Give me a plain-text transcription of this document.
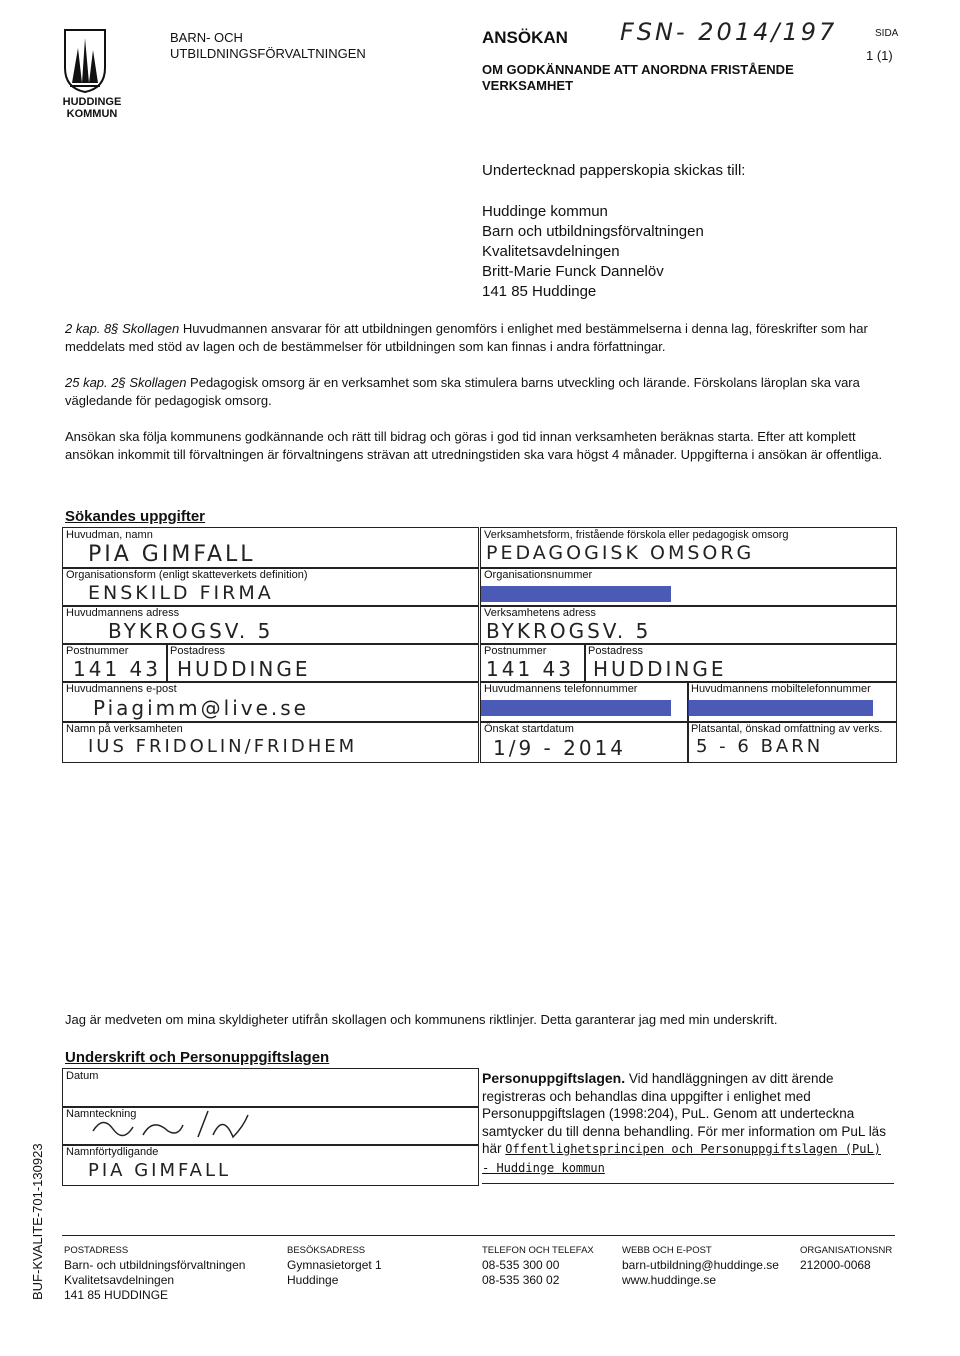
HUDDINGE
KOMMUN
BARN- OCH
UTBILDNINGSFÖRVALTNINGEN
ANSÖKAN FSN- 2014/197
OM GODKÄNNANDE ATT ANORDNA FRISTÅENDE
VERKSAMHET
SIDA
1 (1)
Undertecknad papperskopia skickas till:
Huddinge kommun
Barn och utbildningsförvaltningen
Kvalitetsavdelningen
Britt-Marie Funck Dannelöv
141 85 Huddinge
2 kap. 8§ Skollagen Huvudmannen ansvarar för att utbildningen genomförs i enlighet med bestämmelserna i denna lag, föreskrifter som har meddelats med stöd av lagen och de bestämmelser för utbildningen som kan finnas i andra författningar.
25 kap. 2§ Skollagen Pedagogisk omsorg är en verksamhet som ska stimulera barns utveckling och lärande. Förskolans läroplan ska vara vägledande för pedagogisk omsorg.
Ansökan ska följa kommunens godkännande och rätt till bidrag och göras i god tid innan verksamheten beräknas starta. Efter att komplett ansökan inkommit till förvaltningen är förvaltningens strävan att utredningstiden ska vara högst 4 månader. Uppgifterna i ansökan är offentliga.
Sökandes uppgifter
Huvudman, namn
PIA GIMFALL
Organisationsform (enligt skatteverkets definition)
ENSKILD FIRMA
Huvudmannens adress
BYKROGSV. 5
Postnummer
141 43
Postadress
HUDDINGE
Huvudmannens e-post
Piagimm@live.se
Namn på verksamheten
IUS FRIDOLIN/FRIDHEM
Verksamhetsform, fristående förskola eller pedagogisk omsorg
PEDAGOGISK OMSORG
Organisationsnummer
Verksamhetens adress
BYKROGSV. 5
Postnummer
141 43
Postadress
HUDDINGE
Huvudmannens telefonnummer	Huvudmannens mobiltelefonnummer
Önskat startdatum
1/9 - 2014
Platsantal, önskad omfattning av verks.
5 - 6 BARN
Jag är medveten om mina skyldigheter utifrån skollagen och kommunens riktlinjer. Detta garanterar jag med min underskrift.
Underskrift och Personuppgiftslagen
Datum
Namnteckning
Namnförtydligande
PIA GIMFALL
Personuppgiftslagen. Vid handläggningen av ditt ärende registreras och behandlas dina uppgifter i enlighet med Personuppgiftslagen (1998:204), PuL. Genom att underteckna samtycker du till denna behandling. För mer information om PuL läs här Offentlighetsprincipen och Personuppgiftslagen (PuL) - Huddinge kommun
BUF-KVALITE-701-130923 POSTADRESS
Barn- och utbildningsförvaltningen
Kvalitetsavdelningen
141 85 HUDDINGE
BESÖKSADRESS
Gymnasietorget 1
Huddinge
TELEFON OCH TELEFAX
08-535 300 00
08-535 360 02
WEBB OCH E-POST
barn-utbildning@huddinge.se
www.huddinge.se
ORGANISATIONSNR
212000-0068
